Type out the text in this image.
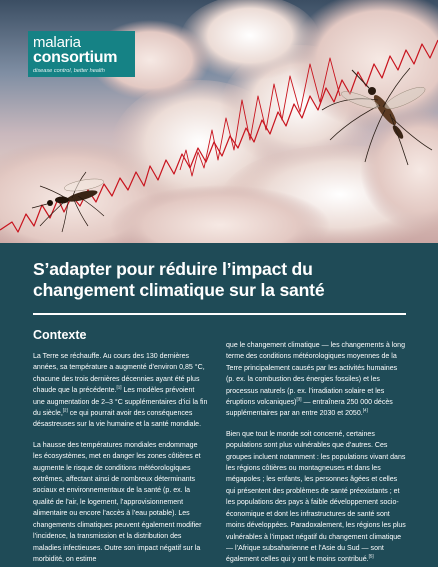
malaria
consortium
disease control, better health
S’adapter pour réduire l’impact du
changement climatique sur la santé
Contexte

La Terre se réchauffe. Au cours des 130 dernières années, sa température a augmenté d’environ 0,85 °C, chacune des trois dernières décennies ayant été plus chaude que la précédente.[1] Les modèles prévoient une augmentation de 2–3 °C supplémentaires d’ici la fin du siècle,[2] ce qui pourrait avoir des conséquences désastreuses sur la vie humaine et la santé mondiale.

La hausse des températures mondiales endommage les écosystèmes, met en danger les zones côtières et augmente le risque de conditions météorologiques extrêmes, affectant ainsi de nombreux déterminants sociaux et environnementaux de la santé (p. ex. la qualité de l’air, le logement, l’approvisionnement alimentaire ou encore l’accès à l’eau potable). Les changements climatiques peuvent également modifier l’incidence, la transmission et la distribution des maladies infectieuses. Outre son impact négatif sur la morbidité, on estime

que le changement climatique — les changements à long terme des conditions météorologiques moyennes de la Terre principalement causés par les activités humaines (p. ex. la combustion des énergies fossiles) et les processus naturels (p. ex. l’irradiation solaire et les éruptions volcaniques)[3] — entraînera 250 000 décès supplémentaires par an entre 2030 et 2050.[4]

Bien que tout le monde soit concerné, certaines populations sont plus vulnérables que d’autres. Ces groupes incluent notamment : les populations vivant dans les régions côtières ou montagneuses et dans les mégapoles ; les enfants, les personnes âgées et celles qui présentent des problèmes de santé préexistants ; et les populations des pays à faible développement socio-économique et dont les infrastructures de santé sont moins développées. Paradoxalement, les régions les plus vulnérables à l’impact négatif du changement climatique — l’Afrique subsaharienne et l’Asie du Sud — sont également celles qui y ont le moins contribué.[5]
